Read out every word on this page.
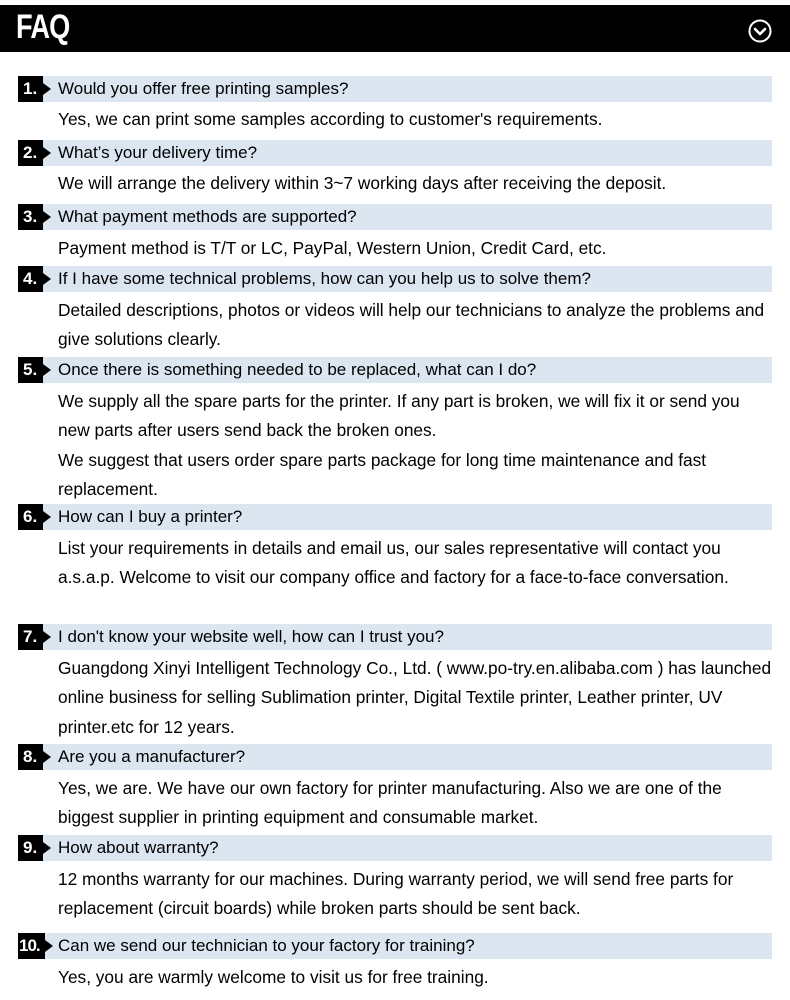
FAQ
1.	Would you offer free printing samples?

Yes, we can print some samples according to customer's requirements.

2.	What’s your delivery time?

We will arrange the delivery within 3~7 working days after receiving the deposit.

3.	What payment methods are supported?

Payment method is T/T or LC, PayPal, Western Union, Credit Card, etc.

4.	If I have some technical problems, how can you help us to solve them?

Detailed descriptions, photos or videos will help our technicians to analyze the problems and give solutions clearly.

5.	Once there is something needed to be replaced, what can I do?

We supply all the spare parts for the printer. If any part is broken, we will fix it or send you new parts after users send back the broken ones.

We suggest that users order spare parts package for long time maintenance and fast replacement.

6.	How can I buy a printer?

List your requirements in details and email us, our sales representative will contact you a.s.a.p. Welcome to visit our company office and factory for a face-to-face conversation.

7.	I don't know your website well, how can I trust you?

Guangdong Xinyi Intelligent Technology Co., Ltd. ( www.po-try.en.alibaba.com ) has launched online business for selling Sublimation printer, Digital Textile printer, Leather printer, UV printer.etc for 12 years.

8.	Are you a manufacturer?

Yes, we are. We have our own factory for printer manufacturing. Also we are one of the biggest supplier in printing equipment and consumable market.

9.	How about warranty?

12 months warranty for our machines. During warranty period, we will send free parts for replacement (circuit boards) while broken parts should be sent back.

10.	Can we send our technician to your factory for training?

Yes, you are warmly welcome to visit us for free training.
